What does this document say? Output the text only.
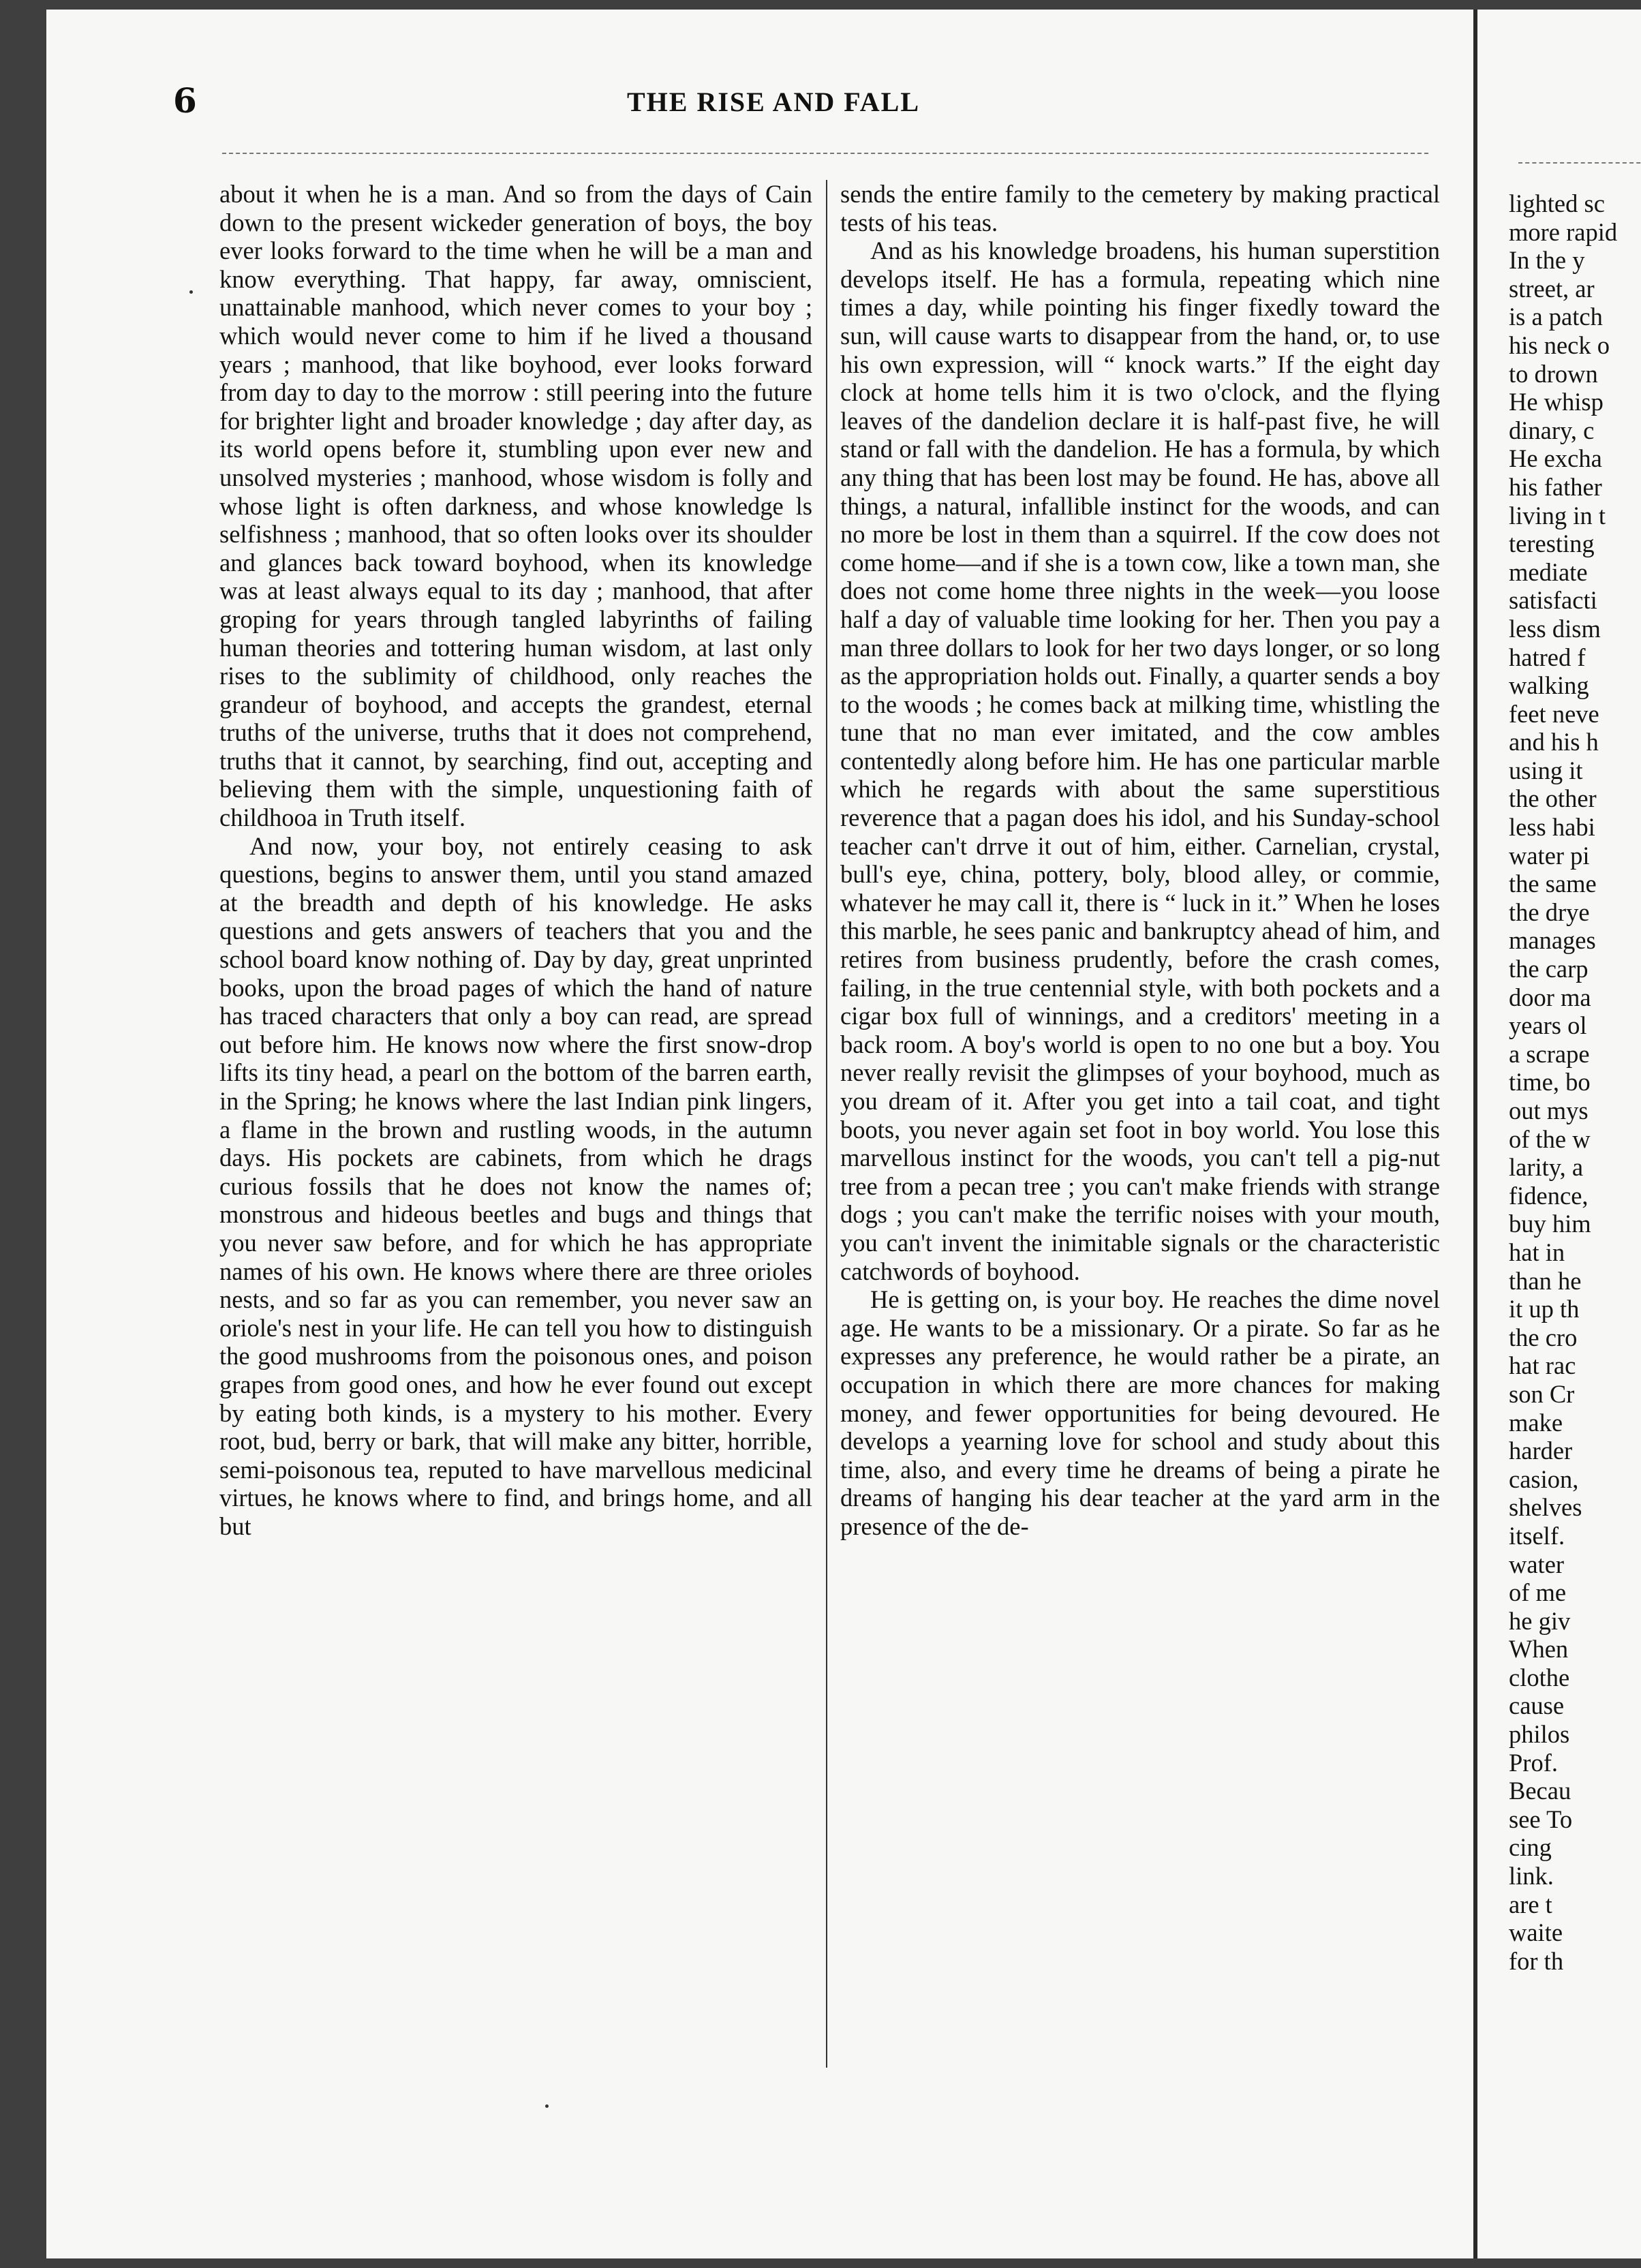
lighted sc
more rapid
In the y
street, ar
is a patch
his neck o
to drown
He whisp
dinary, c
He excha
his father
living in t
teresting
mediate
satisfacti
less dism
hatred f
walking
feet neve
and his h
using it
the other
less habi
water pi
the same
the drye
manages
the carp
door ma
years ol
a scrape
time, bo
out mys
of the w
larity, a
fidence,
buy him
hat in
than he
it up th
the cro
hat rac
son Cr
make
harder
casion,
shelves
itself.
water
of me
he giv
When
clothe
cause
philos
Prof.
Becau
see To
cing
link.
are t
waite
for th
6	THE RISE AND FALL

about it when he is a man. And so from the days of Cain down to the present wickeder generation of boys, the boy ever looks forward to the time when he will be a man and know everything. That happy, far away, omniscient, unattainable manhood, which never comes to your boy ; which would never come to him if he lived a thousand years ; manhood, that like boyhood, ever looks forward from day to day to the morrow : still peering into the future for brighter light and broader knowledge ; day after day, as its world opens before it, stumbling upon ever new and unsolved mysteries ; manhood, whose wisdom is folly and whose light is often darkness, and whose knowledge ls selfishness ; manhood, that so often looks over its shoulder and glances back toward boyhood, when its knowledge was at least always equal to its day ; manhood, that after groping for years through tangled labyrinths of failing human theories and tottering human wisdom, at last only rises to the sublimity of childhood, only reaches the grandeur of boyhood, and accepts the grandest, eternal truths of the universe, truths that it does not comprehend, truths that it cannot, by searching, find out, accepting and believing them with the simple, unquestioning faith of childhooa in Truth itself.

And now, your boy, not entirely ceasing to ask questions, begins to answer them, until you stand amazed at the breadth and depth of his knowledge. He asks questions and gets answers of teachers that you and the school board know nothing of. Day by day, great unprinted books, upon the broad pages of which the hand of nature has traced characters that only a boy can read, are spread out before him. He knows now where the first snow-drop lifts its tiny head, a pearl on the bottom of the barren earth, in the Spring; he knows where the last Indian pink lingers, a flame in the brown and rustling woods, in the autumn days. His pockets are cabinets, from which he drags curious fossils that he does not know the names of; monstrous and hideous beetles and bugs and things that you never saw before, and for which he has appropriate names of his own. He knows where there are three orioles nests, and so far as you can remember, you never saw an oriole's nest in your life. He can tell you how to distinguish the good mushrooms from the poisonous ones, and poison grapes from good ones, and how he ever found out except by eating both kinds, is a mystery to his mother. Every root, bud, berry or bark, that will make any bitter, horrible, semi-poisonous tea, reputed to have marvellous medicinal virtues, he knows where to find, and brings home, and all but

sends the entire family to the cemetery by making practical tests of his teas.

And as his knowledge broadens, his human superstition develops itself. He has a formula, repeating which nine times a day, while pointing his finger fixedly toward the sun, will cause warts to disappear from the hand, or, to use his own expression, will “ knock warts.” If the eight day clock at home tells him it is two o'clock, and the flying leaves of the dandelion declare it is half-past five, he will stand or fall with the dandelion. He has a formula, by which any thing that has been lost may be found. He has, above all things, a natural, infallible instinct for the woods, and can no more be lost in them than a squirrel. If the cow does not come home—and if she is a town cow, like a town man, she does not come home three nights in the week—you loose half a day of valuable time looking for her. Then you pay a man three dollars to look for her two days longer, or so long as the appropriation holds out. Finally, a quarter sends a boy to the woods ; he comes back at milking time, whistling the tune that no man ever imitated, and the cow ambles contentedly along before him. He has one particular marble which he regards with about the same superstitious reverence that a pagan does his idol, and his Sunday-school teacher can't drrve it out of him, either. Carnelian, crystal, bull's eye, china, pottery, boly, blood alley, or commie, whatever he may call it, there is “ luck in it.” When he loses this marble, he sees panic and bankruptcy ahead of him, and retires from business prudently, before the crash comes, failing, in the true centennial style, with both pockets and a cigar box full of winnings, and a creditors' meeting in a back room. A boy's world is open to no one but a boy. You never really revisit the glimpses of your boyhood, much as you dream of it. After you get into a tail coat, and tight boots, you never again set foot in boy world. You lose this marvellous instinct for the woods, you can't tell a pig-nut tree from a pecan tree ; you can't make friends with strange dogs ; you can't make the terrific noises with your mouth, you can't invent the inimitable signals or the characteristic catchwords of boyhood.

He is getting on, is your boy. He reaches the dime novel age. He wants to be a missionary. Or a pirate. So far as he expresses any preference, he would rather be a pirate, an occupation in which there are more chances for making money, and fewer opportunities for being devoured. He develops a yearning love for school and study about this time, also, and every time he dreams of being a pirate he dreams of hanging his dear teacher at the yard arm in the presence of the de-
